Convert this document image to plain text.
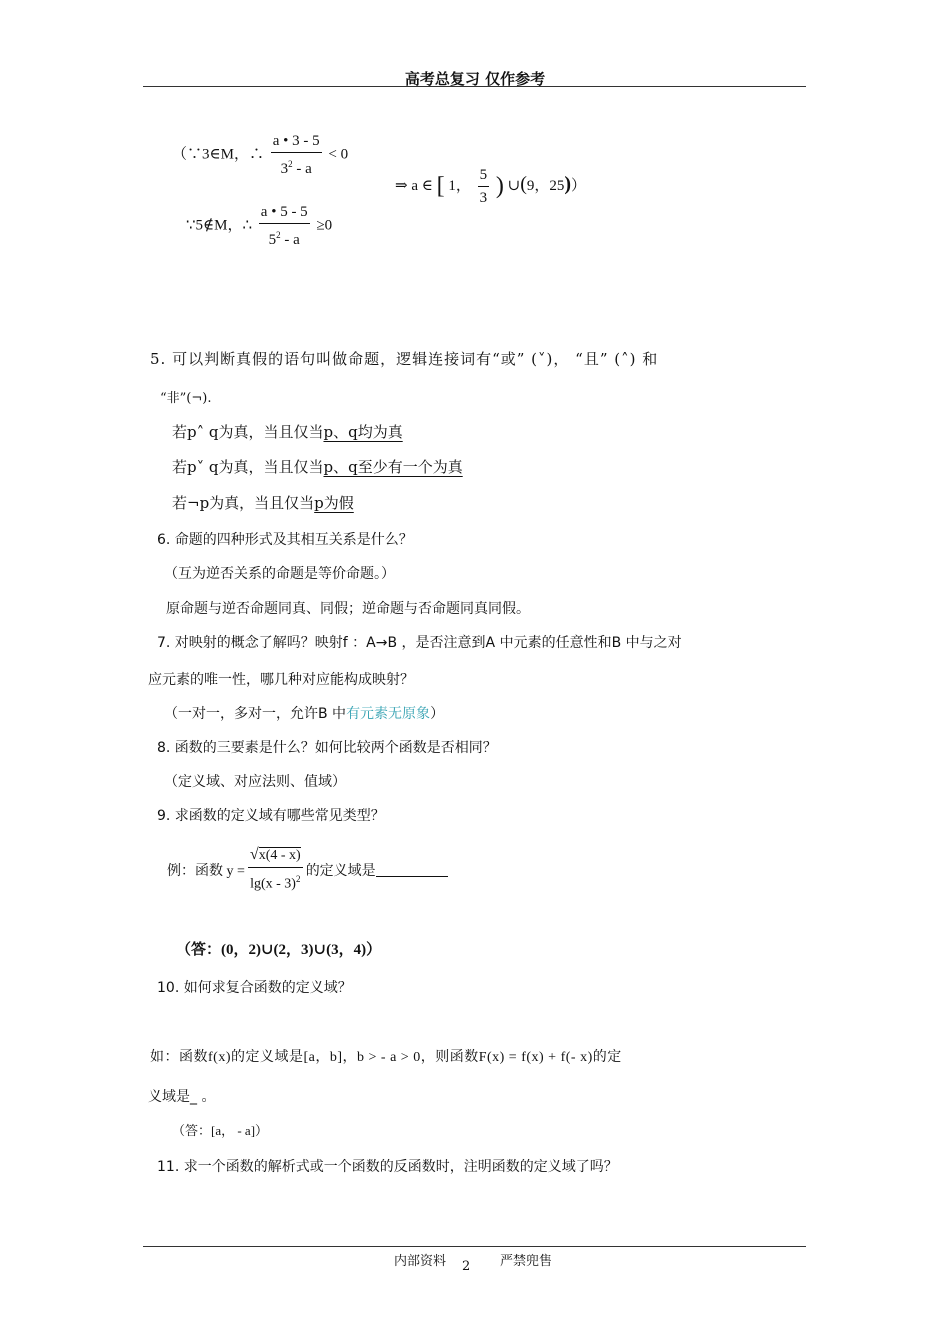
高考总复习 仅作参考
（∵3∈M，∴ $\frac{a • 3 - 5}{3^2 - a} < 0$
⇒ a ∈ [ 1， $\frac{5}{3}$ ) ∪(9，25)）
∵5∉M，∴ $\frac{a • 5 - 5}{5^2 - a} \ge 0$
5. 可以判断真假的语句叫做命题，逻辑连接词有“或” (˅)， “且” (˄) 和
“非”(¬).
若p˄ q为真，当且仅当p、q均为真
若p˅ q为真，当且仅当p、q至少有一个为真
若¬p为真，当且仅当p为假
6. 命题的四种形式及其相互关系是什么？
（互为逆否关系的命题是等价命题。）
原命题与逆否命题同真、同假；逆命题与否命题同真同假。
7. 对映射的概念了解吗？映射f ：A→B ，是否注意到A 中元素的任意性和B 中与之对
应元素的唯一性，哪几种对应能构成映射？
（一对一，多对一，允许B 中有元素无原象）
8. 函数的三要素是什么？如何比较两个函数是否相同？
（定义域、对应法则、值域）
9. 求函数的定义域有哪些常见类型？
例：函数 $y = \frac{√x(4 - x)}{\lg(x - 3)^2}$ 的定义域是
（答：(0，2)∪(2，3)∪(3，4)）
10. 如何求复合函数的定义域？
如：函数f(x)的定义域是[a，b]，b > - a > 0，则函数F(x) = f(x) + f(- x)的定
义域是_ 。
（答：[a， - a]）
11. 求一个函数的解析式或一个函数的反函数时，注明函数的定义域了吗？
内部资料	严禁兜售
2
